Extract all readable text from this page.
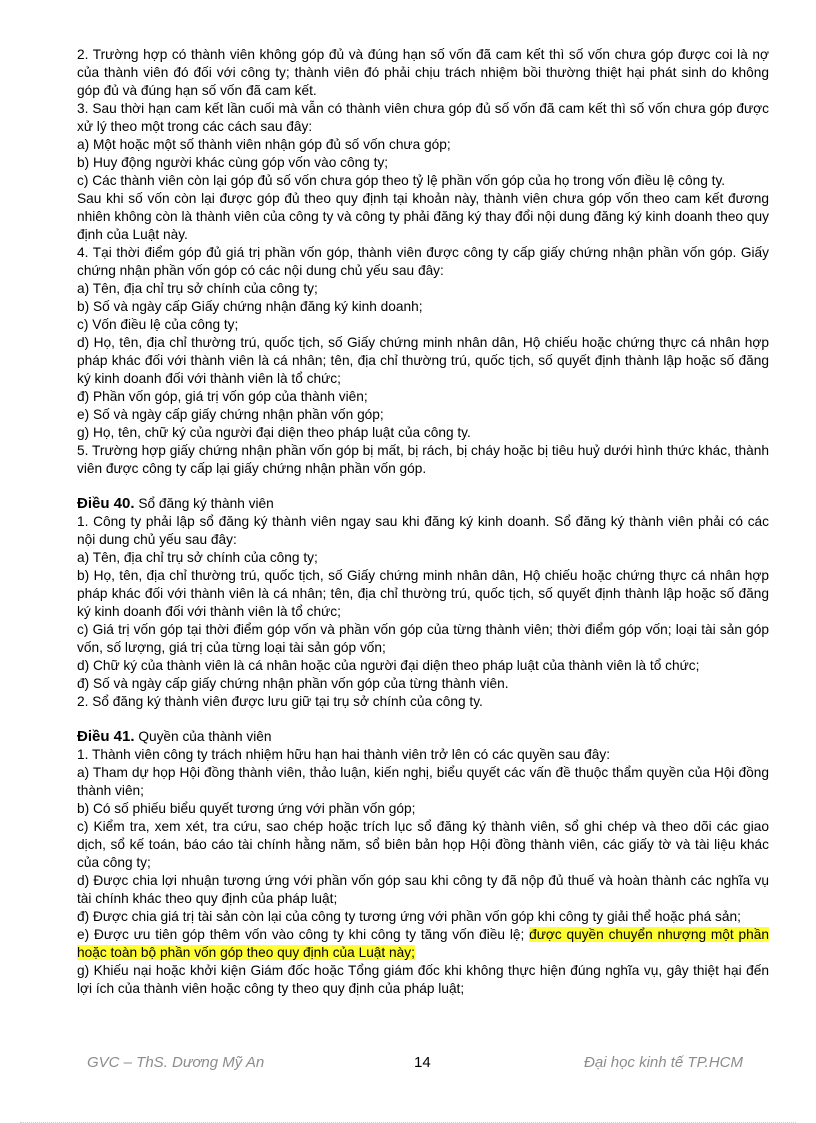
2. Trường hợp có thành viên không góp đủ và đúng hạn số vốn đã cam kết thì số vốn chưa góp được coi là nợ của thành viên đó đối với công ty; thành viên đó phải chịu trách nhiệm bồi thường thiệt hại phát sinh do không góp đủ và đúng hạn số vốn đã cam kết.

3. Sau thời hạn cam kết lần cuối mà vẫn có thành viên chưa góp đủ số vốn đã cam kết thì số vốn chưa góp được xử lý theo một trong các cách sau đây:

a) Một hoặc một số thành viên nhận góp đủ số vốn chưa góp;

b) Huy động người khác cùng góp vốn vào công ty;

c) Các thành viên còn lại góp đủ số vốn chưa góp theo tỷ lệ phần vốn góp của họ trong vốn điều lệ công ty.

Sau khi số vốn còn lại được góp đủ theo quy định tại khoản này, thành viên chưa góp vốn theo cam kết đương nhiên không còn là thành viên của công ty và công ty phải đăng ký thay đổi nội dung đăng ký kinh doanh theo quy định của Luật này.

4. Tại thời điểm góp đủ giá trị phần vốn góp, thành viên được công ty cấp giấy chứng nhận phần vốn góp. Giấy chứng nhận phần vốn góp có các nội dung chủ yếu sau đây:

a) Tên, địa chỉ trụ sở chính của công ty;

b) Số và ngày cấp Giấy chứng nhận đăng ký kinh doanh;

c) Vốn điều lệ của công ty;

d) Họ, tên, địa chỉ thường trú, quốc tịch, số Giấy chứng minh nhân dân, Hộ chiếu hoặc chứng thực cá nhân hợp pháp khác đối với thành viên là cá nhân; tên, địa chỉ thường trú, quốc tịch, số quyết định thành lập hoặc số đăng ký kinh doanh đối với thành viên là tổ chức;

đ) Phần vốn góp, giá trị vốn góp của thành viên;

e) Số và ngày cấp giấy chứng nhận phần vốn góp;

g) Họ, tên, chữ ký của người đại diện theo pháp luật của công ty.

5. Trường hợp giấy chứng nhận phần vốn góp bị mất, bị rách, bị cháy hoặc bị tiêu huỷ dưới hình thức khác, thành viên được công ty cấp lại giấy chứng nhận phần vốn góp.

Điều 40. Sổ đăng ký thành viên

1. Công ty phải lập sổ đăng ký thành viên ngay sau khi đăng ký kinh doanh. Sổ đăng ký thành viên phải có các nội dung chủ yếu sau đây:

a) Tên, địa chỉ trụ sở chính của công ty;

b) Họ, tên, địa chỉ thường trú, quốc tịch, số Giấy chứng minh nhân dân, Hộ chiếu hoặc chứng thực cá nhân hợp pháp khác đối với thành viên là cá nhân; tên, địa chỉ thường trú, quốc tịch, số quyết định thành lập hoặc số đăng ký kinh doanh đối với thành viên là tổ chức;

c) Giá trị vốn góp tại thời điểm góp vốn và phần vốn góp của từng thành viên; thời điểm góp vốn; loại tài sản góp vốn, số lượng, giá trị của từng loại tài sản góp vốn;

d) Chữ ký của thành viên là cá nhân hoặc của người đại diện theo pháp luật của thành viên là tổ chức;

đ) Số và ngày cấp giấy chứng nhận phần vốn góp của từng thành viên.

2. Sổ đăng ký thành viên được lưu giữ tại trụ sở chính của công ty.

Điều 41. Quyền của thành viên

1. Thành viên công ty trách nhiệm hữu hạn hai thành viên trở lên có các quyền sau đây:

a) Tham dự họp Hội đồng thành viên, thảo luận, kiến nghị, biểu quyết các vấn đề thuộc thẩm quyền của Hội đồng thành viên;

b) Có số phiếu biểu quyết tương ứng với phần vốn góp;

c) Kiểm tra, xem xét, tra cứu, sao chép hoặc trích lục sổ đăng ký thành viên, sổ ghi chép và theo dõi các giao dịch, sổ kế toán, báo cáo tài chính hằng năm, sổ biên bản họp Hội đồng thành viên, các giấy tờ và tài liệu khác của công ty;

d) Được chia lợi nhuận tương ứng với phần vốn góp sau khi công ty đã nộp đủ thuế và hoàn thành các nghĩa vụ tài chính khác theo quy định của pháp luật;

đ) Được chia giá trị tài sản còn lại của công ty tương ứng với phần vốn góp khi công ty giải thể hoặc phá sản;

e) Được ưu tiên góp thêm vốn vào công ty khi công ty tăng vốn điều lệ; được quyền chuyển nhượng một phần hoặc toàn bộ phần vốn góp theo quy định của Luật này;

g) Khiếu nại hoặc khởi kiện Giám đốc hoặc Tổng giám đốc khi không thực hiện đúng nghĩa vụ, gây thiệt hại đến lợi ích của thành viên hoặc công ty theo quy định của pháp luật;

GVC – ThS. Dương Mỹ An	14	Đại học kinh tế TP.HCM
